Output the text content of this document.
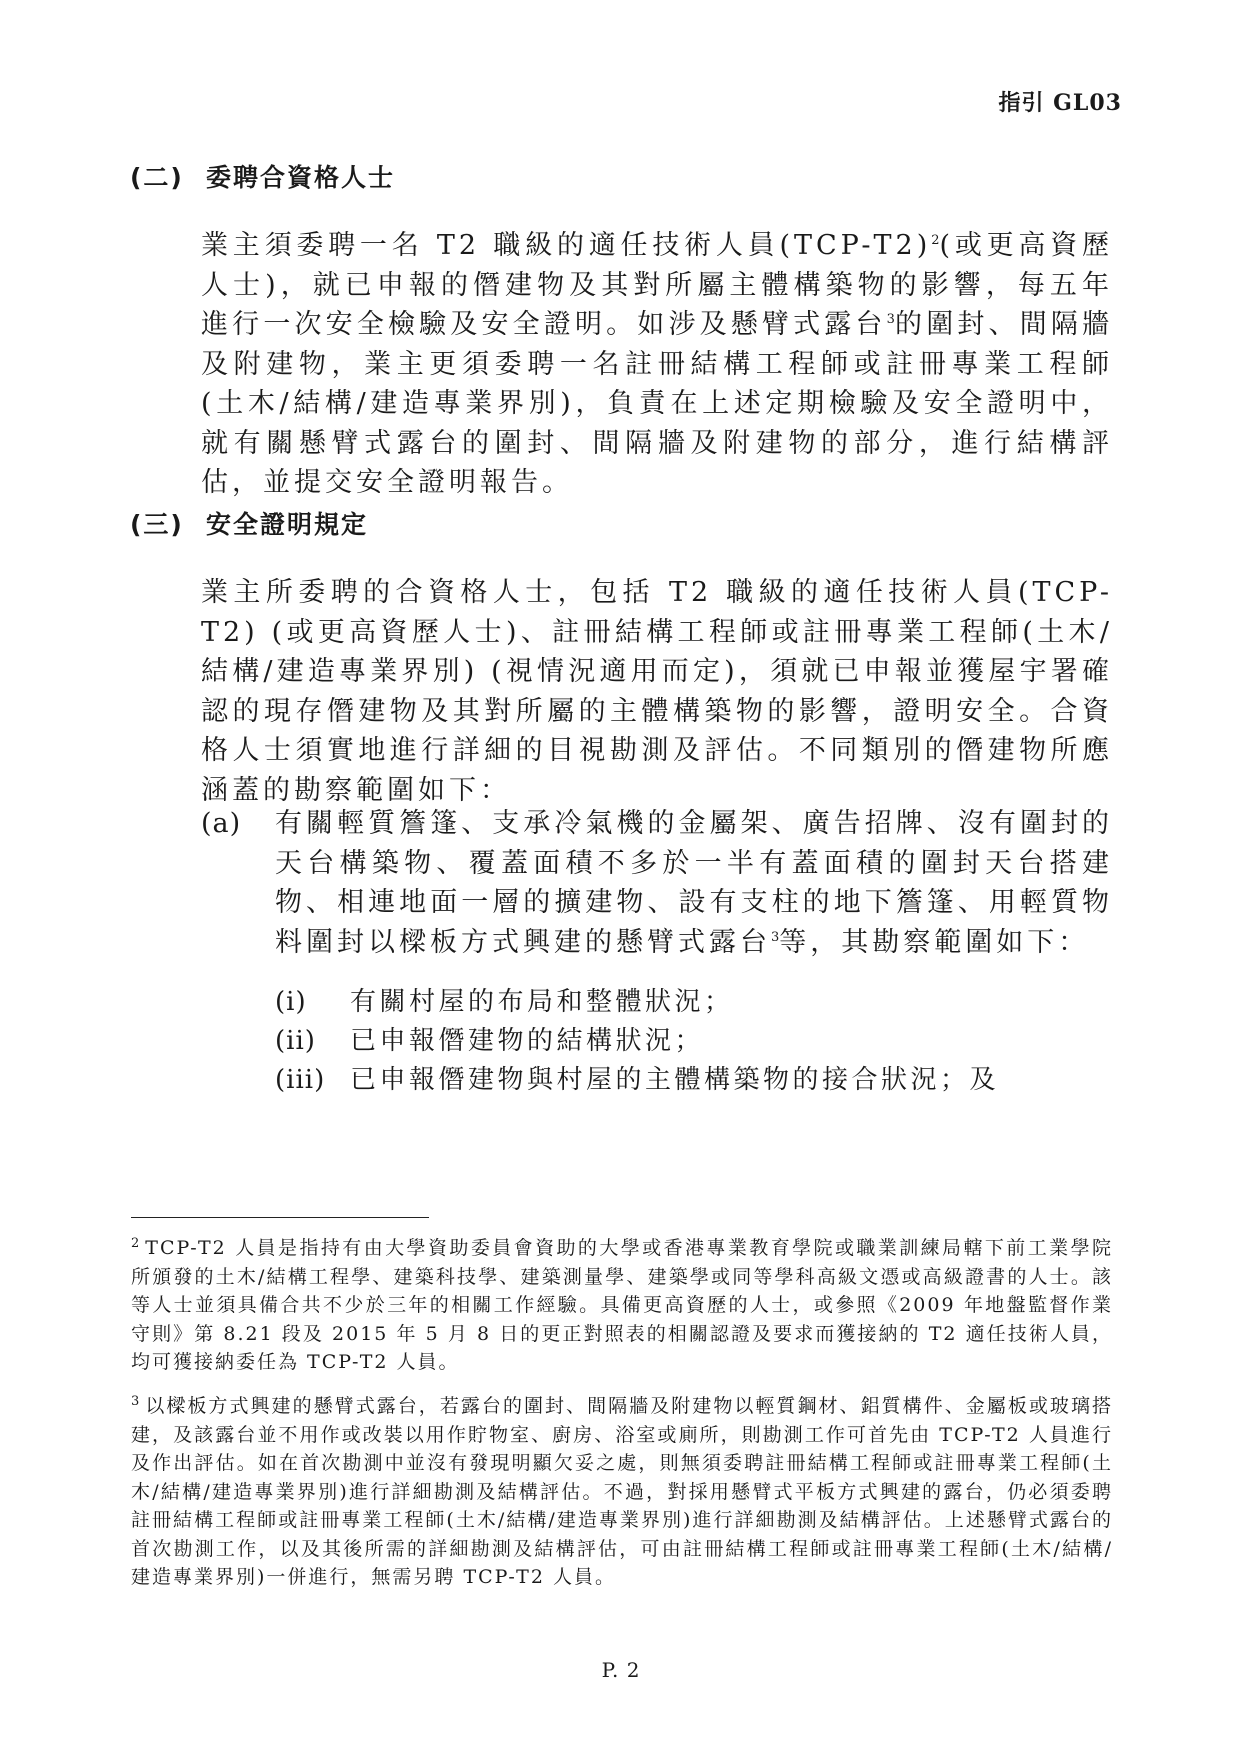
指引 GL03
(二) 委聘合資格人士

業主須委聘一名 T2 職級的適任技術人員$(TCP-T2)^2$(或更高資歷人士)，就已申報的僭建物及其對所屬主體構築物的影響，每五年進行一次安全檢驗及安全證明。如涉及懸臂式露台$^3$的圍封、間隔牆及附建物，業主更須委聘一名註冊結構工程師或註冊專業工程師(土木/結構/建造專業界別)，負責在上述定期檢驗及安全證明中，就有關懸臂式露台的圍封、間隔牆及附建物的部分，進行結構評估，並提交安全證明報告。

(三) 安全證明規定

業主所委聘的合資格人士，包括 T2 職級的適任技術人員(TCP-T2) (或更高資歷人士)、註冊結構工程師或註冊專業工程師(土木/結構/建造專業界別) (視情況適用而定)，須就已申報並獲屋宇署確認的現存僭建物及其對所屬的主體構築物的影響，證明安全。合資格人士須實地進行詳細的目視勘測及評估。不同類別的僭建物所應涵蓋的勘察範圍如下：

(a) 有關輕質簷篷、支承冷氣機的金屬架、廣告招牌、沒有圍封的天台構築物、覆蓋面積不多於一半有蓋面積的圍封天台搭建物、相連地面一層的擴建物、設有支柱的地下簷篷、用輕質物料圍封以樑板方式興建的懸臂式露台$^3$等，其勘察範圍如下：
(i) 有關村屋的布局和整體狀況；
(ii) 已申報僭建物的結構狀況；
(iii) 已申報僭建物與村屋的主體構築物的接合狀況；及

$^2$ TCP-T2 人員是指持有由大學資助委員會資助的大學或香港專業教育學院或職業訓練局轄下前工業學院所頒發的土木/結構工程學、建築科技學、建築測量學、建築學或同等學科高級文憑或高級證書的人士。該等人士並須具備合共不少於三年的相關工作經驗。具備更高資歷的人士，或參照《2009 年地盤監督作業守則》第 8.21 段及 2015 年 5 月 8 日的更正對照表的相關認證及要求而獲接納的 T2 適任技術人員，均可獲接納委任為 TCP-T2 人員。

$^3$ 以樑板方式興建的懸臂式露台，若露台的圍封、間隔牆及附建物以輕質鋼材、鋁質構件、金屬板或玻璃搭建，及該露台並不用作或改裝以用作貯物室、廚房、浴室或廁所，則勘測工作可首先由 TCP-T2 人員進行及作出評估。如在首次勘測中並沒有發現明顯欠妥之處，則無須委聘註冊結構工程師或註冊專業工程師(土木/結構/建造專業界別)進行詳細勘測及結構評估。不過，對採用懸臂式平板方式興建的露台，仍必須委聘註冊結構工程師或註冊專業工程師(土木/結構/建造專業界別)進行詳細勘測及結構評估。上述懸臂式露台的首次勘測工作，以及其後所需的詳細勘測及結構評估，可由註冊結構工程師或註冊專業工程師(土木/結構/建造專業界別)一併進行，無需另聘 TCP-T2 人員。

P. 2
